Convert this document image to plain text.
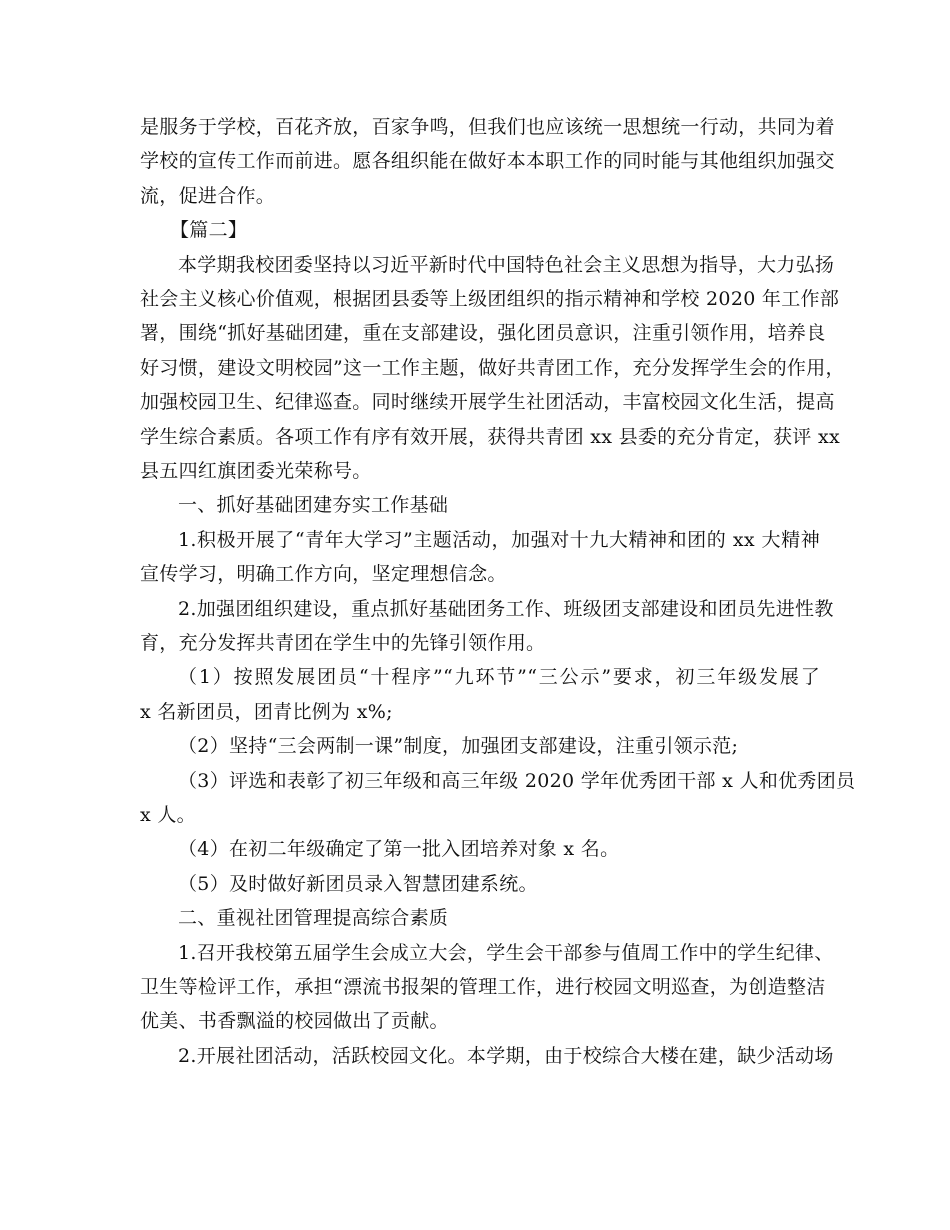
是服务于学校，百花齐放，百家争鸣，但我们也应该统一思想统一行动，共同为着
学校的宣传工作而前进。愿各组织能在做好本本职工作的同时能与其他组织加强交
流，促进合作。
【篇二】
本学期我校团委坚持以习近平新时代中国特色社会主义思想为指导，大力弘扬
社会主义核心价值观，根据团县委等上级团组织的指示精神和学校 2020 年工作部
署，围绕“抓好基础团建，重在支部建设，强化团员意识，注重引领作用，培养良
好习惯，建设文明校园”这一工作主题，做好共青团工作，充分发挥学生会的作用，
加强校园卫生、纪律巡查。同时继续开展学生社团活动，丰富校园文化生活，提高
学生综合素质。各项工作有序有效开展，获得共青团 xx 县委的充分肯定，获评 xx
县五四红旗团委光荣称号。
一、抓好基础团建夯实工作基础
1.积极开展了“青年大学习”主题活动，加强对十九大精神和团的 xx 大精神
宣传学习，明确工作方向，坚定理想信念。
2.加强团组织建设，重点抓好基础团务工作、班级团支部建设和团员先进性教
育，充分发挥共青团在学生中的先锋引领作用。
（1）按照发展团员“十程序”“九环节”“三公示”要求，初三年级发展了
x 名新团员，团青比例为 x%;
（2）坚持“三会两制一课”制度，加强团支部建设，注重引领示范;
（3）评选和表彰了初三年级和高三年级 2020 学年优秀团干部 x 人和优秀团员
x 人。
（4）在初二年级确定了第一批入团培养对象 x 名。
（5）及时做好新团员录入智慧团建系统。
二、重视社团管理提高综合素质
1.召开我校第五届学生会成立大会，学生会干部参与值周工作中的学生纪律、
卫生等检评工作，承担“漂流书报架的管理工作，进行校园文明巡查，为创造整洁
优美、书香飘溢的校园做出了贡献。
2.开展社团活动，活跃校园文化。本学期，由于校综合大楼在建，缺少活动场
